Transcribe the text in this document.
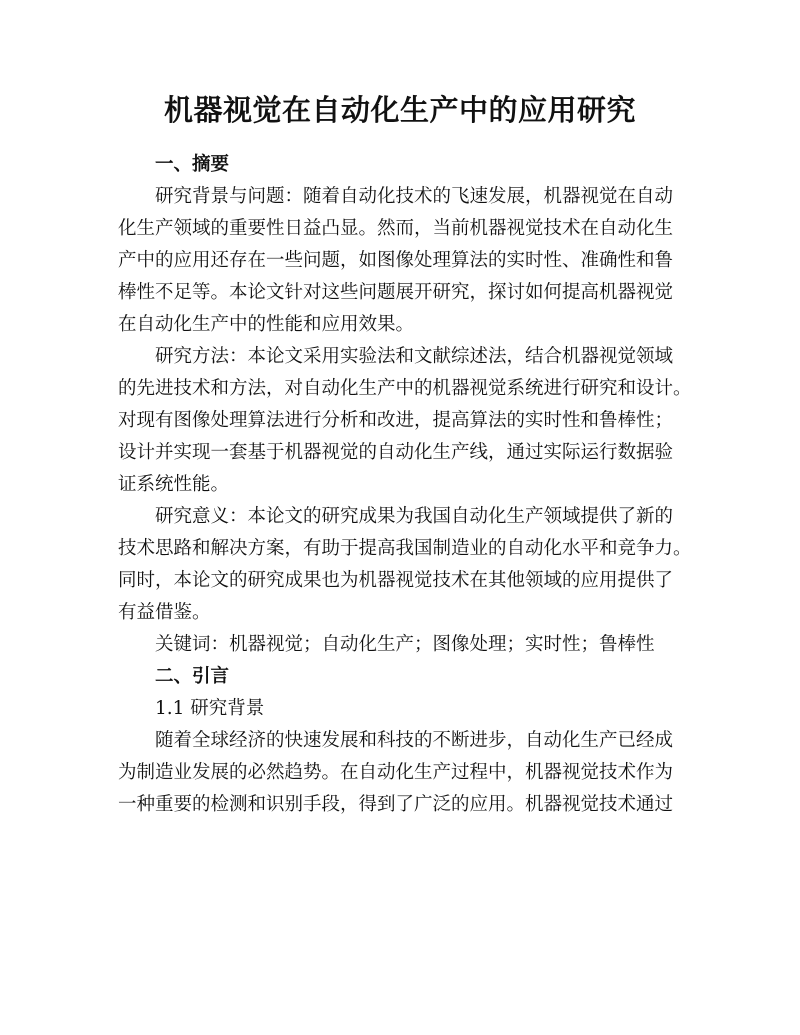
机器视觉在自动化生产中的应用研究
一、摘要

研究背景与问题：随着自动化技术的飞速发展，机器视觉在自动
化生产领域的重要性日益凸显。然而，当前机器视觉技术在自动化生
产中的应用还存在一些问题，如图像处理算法的实时性、准确性和鲁
棒性不足等。本论文针对这些问题展开研究，探讨如何提高机器视觉
在自动化生产中的性能和应用效果。

研究方法：本论文采用实验法和文献综述法，结合机器视觉领域
的先进技术和方法，对自动化生产中的机器视觉系统进行研究和设计。
对现有图像处理算法进行分析和改进，提高算法的实时性和鲁棒性；
设计并实现一套基于机器视觉的自动化生产线，通过实际运行数据验
证系统性能。

研究意义：本论文的研究成果为我国自动化生产领域提供了新的
技术思路和解决方案，有助于提高我国制造业的自动化水平和竞争力。
同时，本论文的研究成果也为机器视觉技术在其他领域的应用提供了
有益借鉴。

关键词：机器视觉；自动化生产；图像处理；实时性；鲁棒性

二、引言

1.1 研究背景

随着全球经济的快速发展和科技的不断进步，自动化生产已经成
为制造业发展的必然趋势。在自动化生产过程中，机器视觉技术作为
一种重要的检测和识别手段，得到了广泛的应用。机器视觉技术通过
